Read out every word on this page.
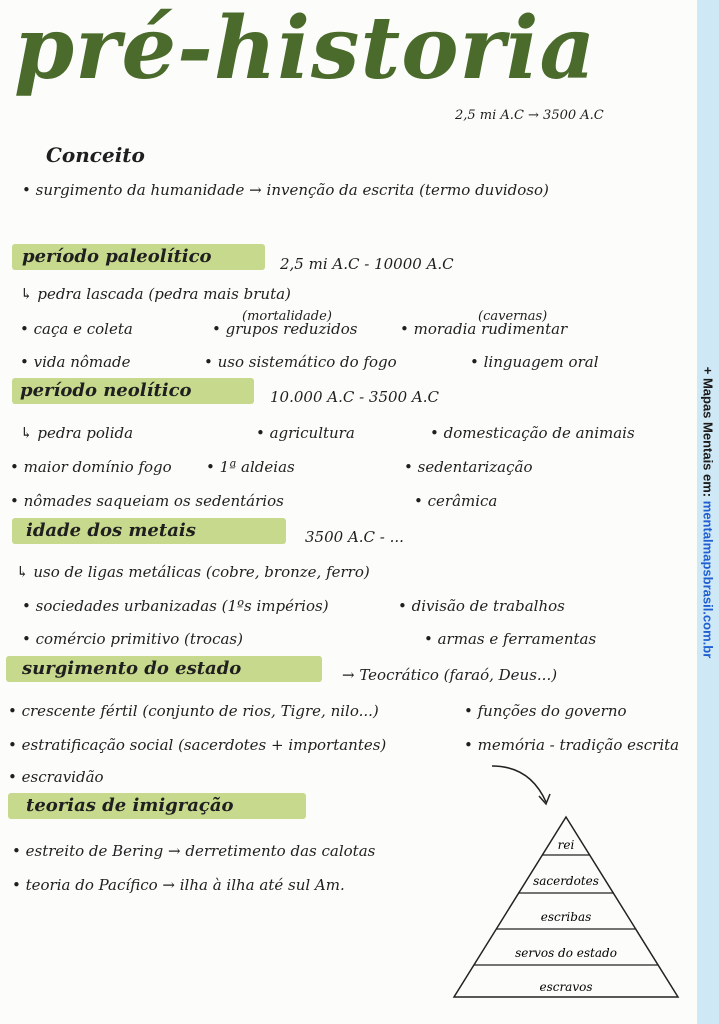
pré-historia
2,5 mi A.C → 3500 A.C
Conceito
• surgimento da humanidade → invenção da escrita (termo duvidoso)
período paleolítico	2,5 mi A.C - 10000 A.C
↳ pedra lascada (pedra mais bruta)
(mortalidade)	(cavernas)
• caça e coleta	• grupos reduzidos	• moradia rudimentar
• vida nômade	• uso sistemático do fogo	• linguagem oral
período neolítico	10.000 A.C - 3500 A.C
↳ pedra polida	• agricultura	• domesticação de animais
• maior domínio fogo • 1ª aldeias	• sedentarização
• nômades saqueiam os sedentários	• cerâmica
idade dos metais	3500 A.C - ...
↳ uso de ligas metálicas (cobre, bronze, ferro)
• sociedades urbanizadas (1ºs impérios)	• divisão de trabalhos
• comércio primitivo (trocas)	• armas e ferramentas
surgimento do estado	→ Teocrático (faraó, Deus...)
• crescente fértil (conjunto de rios, Tigre, nilo...)	• funções do governo
• estratificação social (sacerdotes + importantes)	• memória - tradição escrita
• escravidão
teorias de imigração
• estreito de Bering → derretimento das calotas
• teoria do Pacífico → ilha à ilha até sul Am.
rei
sacerdotes
escribas
servos do estado
escravos
+ Mapas Mentais em: mentalmapsbrasil.com.br
